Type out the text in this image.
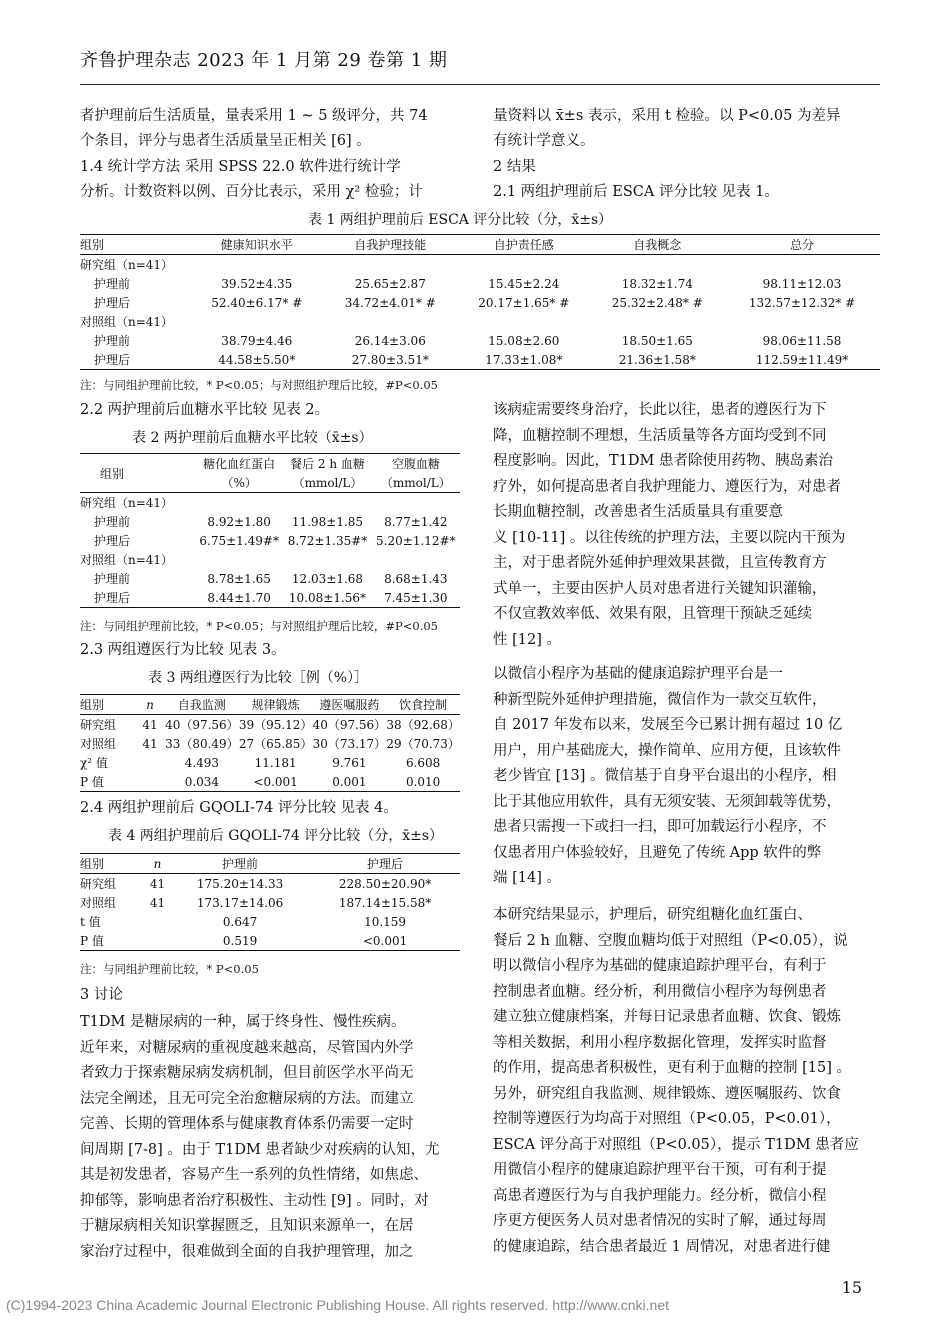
齐鲁护理杂志 2023 年 1 月第 29 卷第 1 期
者护理前后生活质量，量表采用 1 ~ 5 级评分，共 74
个条目，评分与患者生活质量呈正相关 [6] 。
1.4 统计学方法 采用 SPSS 22.0 软件进行统计学
分析。计数资料以例、百分比表示，采用 χ² 检验；计
量资料以 x̄±s 表示，采用 t 检验。以 P<0.05 为差异
有统计学意义。
2 结果
2.1 两组护理前后 ESCA 评分比较 见表 1。
表 1 两组护理前后 ESCA 评分比较（分，x̄±s）
组别	健康知识水平	自我护理技能	自护责任感	自我概念	总分
研究组（n=41）					
护理前	39.52±4.35	25.65±2.87	15.45±2.24	18.32±1.74	98.11±12.03
护理后	52.40±6.17* #	34.72±4.01* #	20.17±1.65* #	25.32±2.48* #	132.57±12.32* #
对照组（n=41）					
护理前	38.79±4.46	26.14±3.06	15.08±2.60	18.50±1.65	98.06±11.58
护理后	44.58±5.50*	27.80±3.51*	17.33±1.08*	21.36±1.58*	112.59±11.49*
注：与同组护理前比较，* P<0.05；与对照组护理后比较，#P<0.05
2.2 两护理前后血糖水平比较 见表 2。
表 2 两护理前后血糖水平比较（x̄±s）
组别	糖化血红蛋白	餐后 2 h 血糖	空腹血糖
	（%）	（mmol/L）	（mmol/L）
研究组（n=41）			
护理前	8.92±1.80	11.98±1.85	8.77±1.42
护理后	6.75±1.49#*	8.72±1.35#*	5.20±1.12#*
对照组（n=41）			
护理前	8.78±1.65	12.03±1.68	8.68±1.43
护理后	8.44±1.70	10.08±1.56*	7.45±1.30
注：与同组护理前比较，* P<0.05；与对照组护理后比较，#P<0.05
2.3 两组遵医行为比较 见表 3。
表 3 两组遵医行为比较［例（%）］
组别	n	自我监测	规律锻炼	遵医嘱服药	饮食控制
研究组	41	40（97.56）	39（95.12）	40（97.56）	38（92.68）
对照组	41	33（80.49）	27（65.85）	30（73.17）	29（70.73）
χ² 值		4.493	11.181	9.761	6.608
P 值		0.034	<0.001	0.001	0.010
2.4 两组护理前后 GQOLI-74 评分比较 见表 4。
表 4 两组护理前后 GQOLI-74 评分比较（分，x̄±s）
组别	n	护理前	护理后
研究组	41	175.20±14.33	228.50±20.90*
对照组	41	173.17±14.06	187.14±15.58*
t 值		0.647	10.159
P 值		0.519	<0.001
注：与同组护理前比较，* P<0.05
3 讨论
T1DM 是糖尿病的一种，属于终身性、慢性疾病。
近年来，对糖尿病的重视度越来越高，尽管国内外学
者致力于探索糖尿病发病机制，但目前医学水平尚无
法完全阐述，且无可完全治愈糖尿病的方法。而建立
完善、长期的管理体系与健康教育体系仍需要一定时
间周期 [7-8] 。由于 T1DM 患者缺少对疾病的认知，尤
其是初发患者，容易产生一系列的负性情绪，如焦虑、
抑郁等，影响患者治疗积极性、主动性 [9] 。同时，对
于糖尿病相关知识掌握匮乏，且知识来源单一，在居
家治疗过程中，很难做到全面的自我护理管理，加之
该病症需要终身治疗，长此以往，患者的遵医行为下
降，血糖控制不理想，生活质量等各方面均受到不同
程度影响。因此，T1DM 患者除使用药物、胰岛素治
疗外，如何提高患者自我护理能力、遵医行为，对患者
长期血糖控制，改善患者生活质量具有重要意
义 [10-11] 。以往传统的护理方法，主要以院内干预为
主，对于患者院外延伸护理效果甚微，且宣传教育方
式单一，主要由医护人员对患者进行关键知识灌输，
不仅宣教效率低、效果有限，且管理干预缺乏延续
性 [12] 。
以微信小程序为基础的健康追踪护理平台是一
种新型院外延伸护理措施，微信作为一款交互软件，
自 2017 年发布以来，发展至今已累计拥有超过 10 亿
用户，用户基础庞大，操作简单、应用方便，且该软件
老少皆宜 [13] 。微信基于自身平台退出的小程序，相
比于其他应用软件，具有无须安装、无须卸载等优势，
患者只需搜一下或扫一扫，即可加载运行小程序，不
仅患者用户体验较好，且避免了传统 App 软件的弊
端 [14] 。
本研究结果显示，护理后，研究组糖化血红蛋白、
餐后 2 h 血糖、空腹血糖均低于对照组（P<0.05），说
明以微信小程序为基础的健康追踪护理平台，有利于
控制患者血糖。经分析，利用微信小程序为每例患者
建立独立健康档案，并每日记录患者血糖、饮食、锻炼
等相关数据，利用小程序数据化管理，发挥实时监督
的作用，提高患者积极性，更有利于血糖的控制 [15] 。
另外，研究组自我监测、规律锻炼、遵医嘱服药、饮食
控制等遵医行为均高于对照组（P<0.05，P<0.01），
ESCA 评分高于对照组（P<0.05），提示 T1DM 患者应
用微信小程序的健康追踪护理平台干预，可有利于提
高患者遵医行为与自我护理能力。经分析，微信小程
序更方便医务人员对患者情况的实时了解，通过每周
的健康追踪，结合患者最近 1 周情况，对患者进行健
15
(C)1994-2023 China Academic Journal Electronic Publishing House. All rights reserved. http://www.cnki.net
